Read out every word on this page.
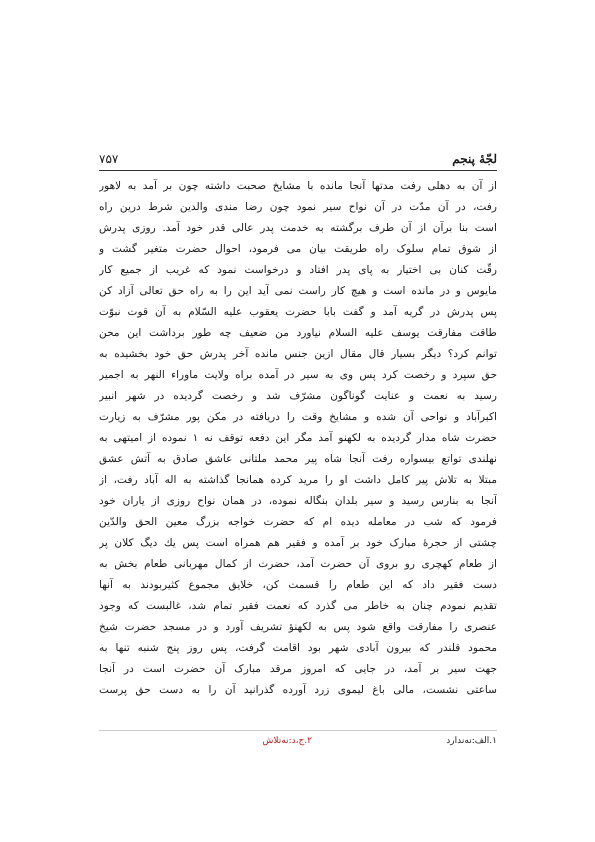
لجّهٔ پنجم
۷۵۷
از آن به دهلی رفت مدتها آنجا مانده با مشایخ صحبت داشته چون بر آمد به لاهور
رفت، در آن مدّت در آن نواح سیر نمود چون رضا مندی والدین شرط درین راه
است بنا برآن از آن طرف برگشته به خدمت پدر عالی قدر خود آمد. روزی پدرش
از شوق تمام سلوک راه طریقت بیان می فرمود، احوال حضرت متغیر گشت و
رقّت کنان بی اختیار به پای پدر افتاد و درخواست نمود که غریب از جمیع کار
مایوس و در مانده است و هیچ کار راست نمی آید این را به راه حق تعالی آزاد کن
پس پدرش در گریه آمد و گفت بابا حضرت یعقوب علیه السّلام به آن قوت نبوّت
طاقت مفارقت یوسف علیه السلام نیاورد من ضعیف چه طور برداشت این محن
توانم کرد؟ دیگر بسیار قال مقال ازین جنس مانده آخر پدرش حق خود بخشیده به
حق سپرد و رخصت کرد پس وی به سیر در آمده براه ولایت ماوراء النهر به اجمیر
رسید به نعمت و عنایت گوناگون مشرّف شد و رخصت گردیده در شهر انبیر
اکبرآباد و نواحی آن شده و مشایخ وقت را دریافته در مکن پور مشرّف به زیارت
حضرت شاه مدار گردیده به لکهنو آمد مگر این دفعه توقف نه ۱ نموده از امیتهی به
نهلندی تواتع بیسواره رفت آنجا شاه پیر محمد ملتانی عاشق صادق به آتش عشق
مبتلا به تلاش پیر کامل داشت او را مرید کرده همانجا گذاشته به اله آباد رفت، از
آنجا به بنارس رسید و سیر بلدان بنگاله نموده، در همان نواح روزی از یاران خود
فرمود که شب در معامله دیده ام که حضرت خواجه بزرگ معین الحق والدّین
چشتی از حجرهٔ مبارک خود بر آمده و فقیر هم همراه است پس یك دیگ کلان پر
از طعام کهچری رو بروی آن حضرت آمد، حضرت از کمال مهربانی طعام بخش به
دست فقیر داد که این طعام را قسمت کن، خلایق مجموع کثیربودند به آنها
تقدیم نمودم چنان به خاطر می گذرد که نعمت فقیر تمام شد، غالبست که وجود
عنصری را مفارقت واقع شود پس به لکهنؤ تشریف آورد و در مسجد حضرت شیخ
محمود قلندر که بیرون آبادی شهر بود اقامت گرفت، پس روز پنج شنبه تنها به
جهت سیر بر آمد، در جایی که امروز مرقد مبارک آن حضرت است در آنجا
ساعتی نشست، مالی باغ لیموی زرد آورده گذرانید آن را به دست حق پرست
۱.الف:نه‌ندارد
۲.ج،د:نه‌تلاش
